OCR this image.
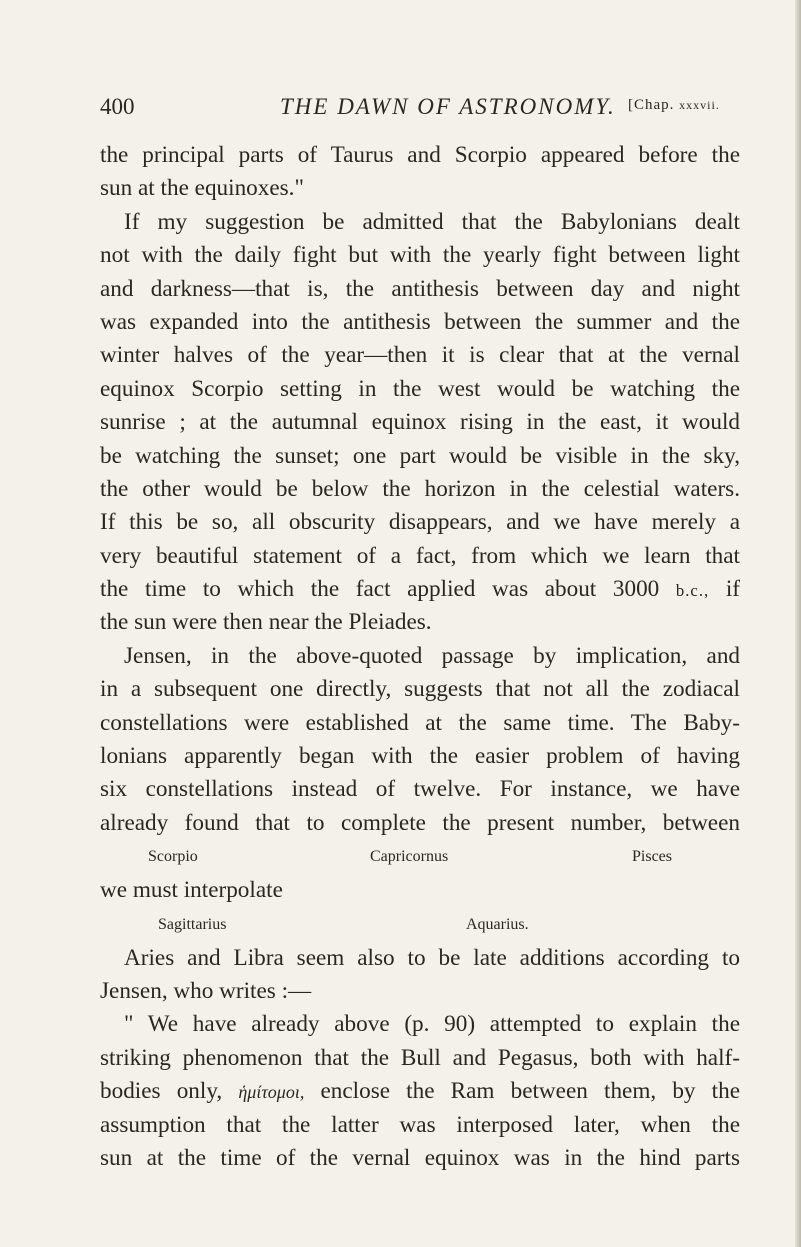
400	THE DAWN OF ASTRONOMY. [Chap. xxxvii.
the principal parts of Taurus and Scorpio appeared before the
sun at the equinoxes."
If my suggestion be admitted that the Babylonians dealt
not with the daily fight but with the yearly fight between light
and darkness—that is, the antithesis between day and night
was expanded into the antithesis between the summer and the
winter halves of the year—then it is clear that at the vernal
equinox Scorpio setting in the west would be watching the
sunrise ; at the autumnal equinox rising in the east, it would
be watching the sunset; one part would be visible in the sky,
the other would be below the horizon in the celestial waters.
If this be so, all obscurity disappears, and we have merely a
very beautiful statement of a fact, from which we learn that
the time to which the fact applied was about 3000 b.c., if
the sun were then near the Pleiades.
Jensen, in the above-quoted passage by implication, and
in a subsequent one directly, suggests that not all the zodiacal
constellations were established at the same time. The Baby-
lonians apparently began with the easier problem of having
six constellations instead of twelve. For instance, we have
already found that to complete the present number, between
Scorpio	Capricornus	Pisces
we must interpolate
Sagittarius	Aquarius.
Aries and Libra seem also to be late additions according to
Jensen, who writes :—
" We have already above (p. 90) attempted to explain the
striking phenomenon that the Bull and Pegasus, both with half-
bodies only, ἡμίτομοι, enclose the Ram between them, by the
assumption that the latter was interposed later, when the
sun at the time of the vernal equinox was in the hind parts
